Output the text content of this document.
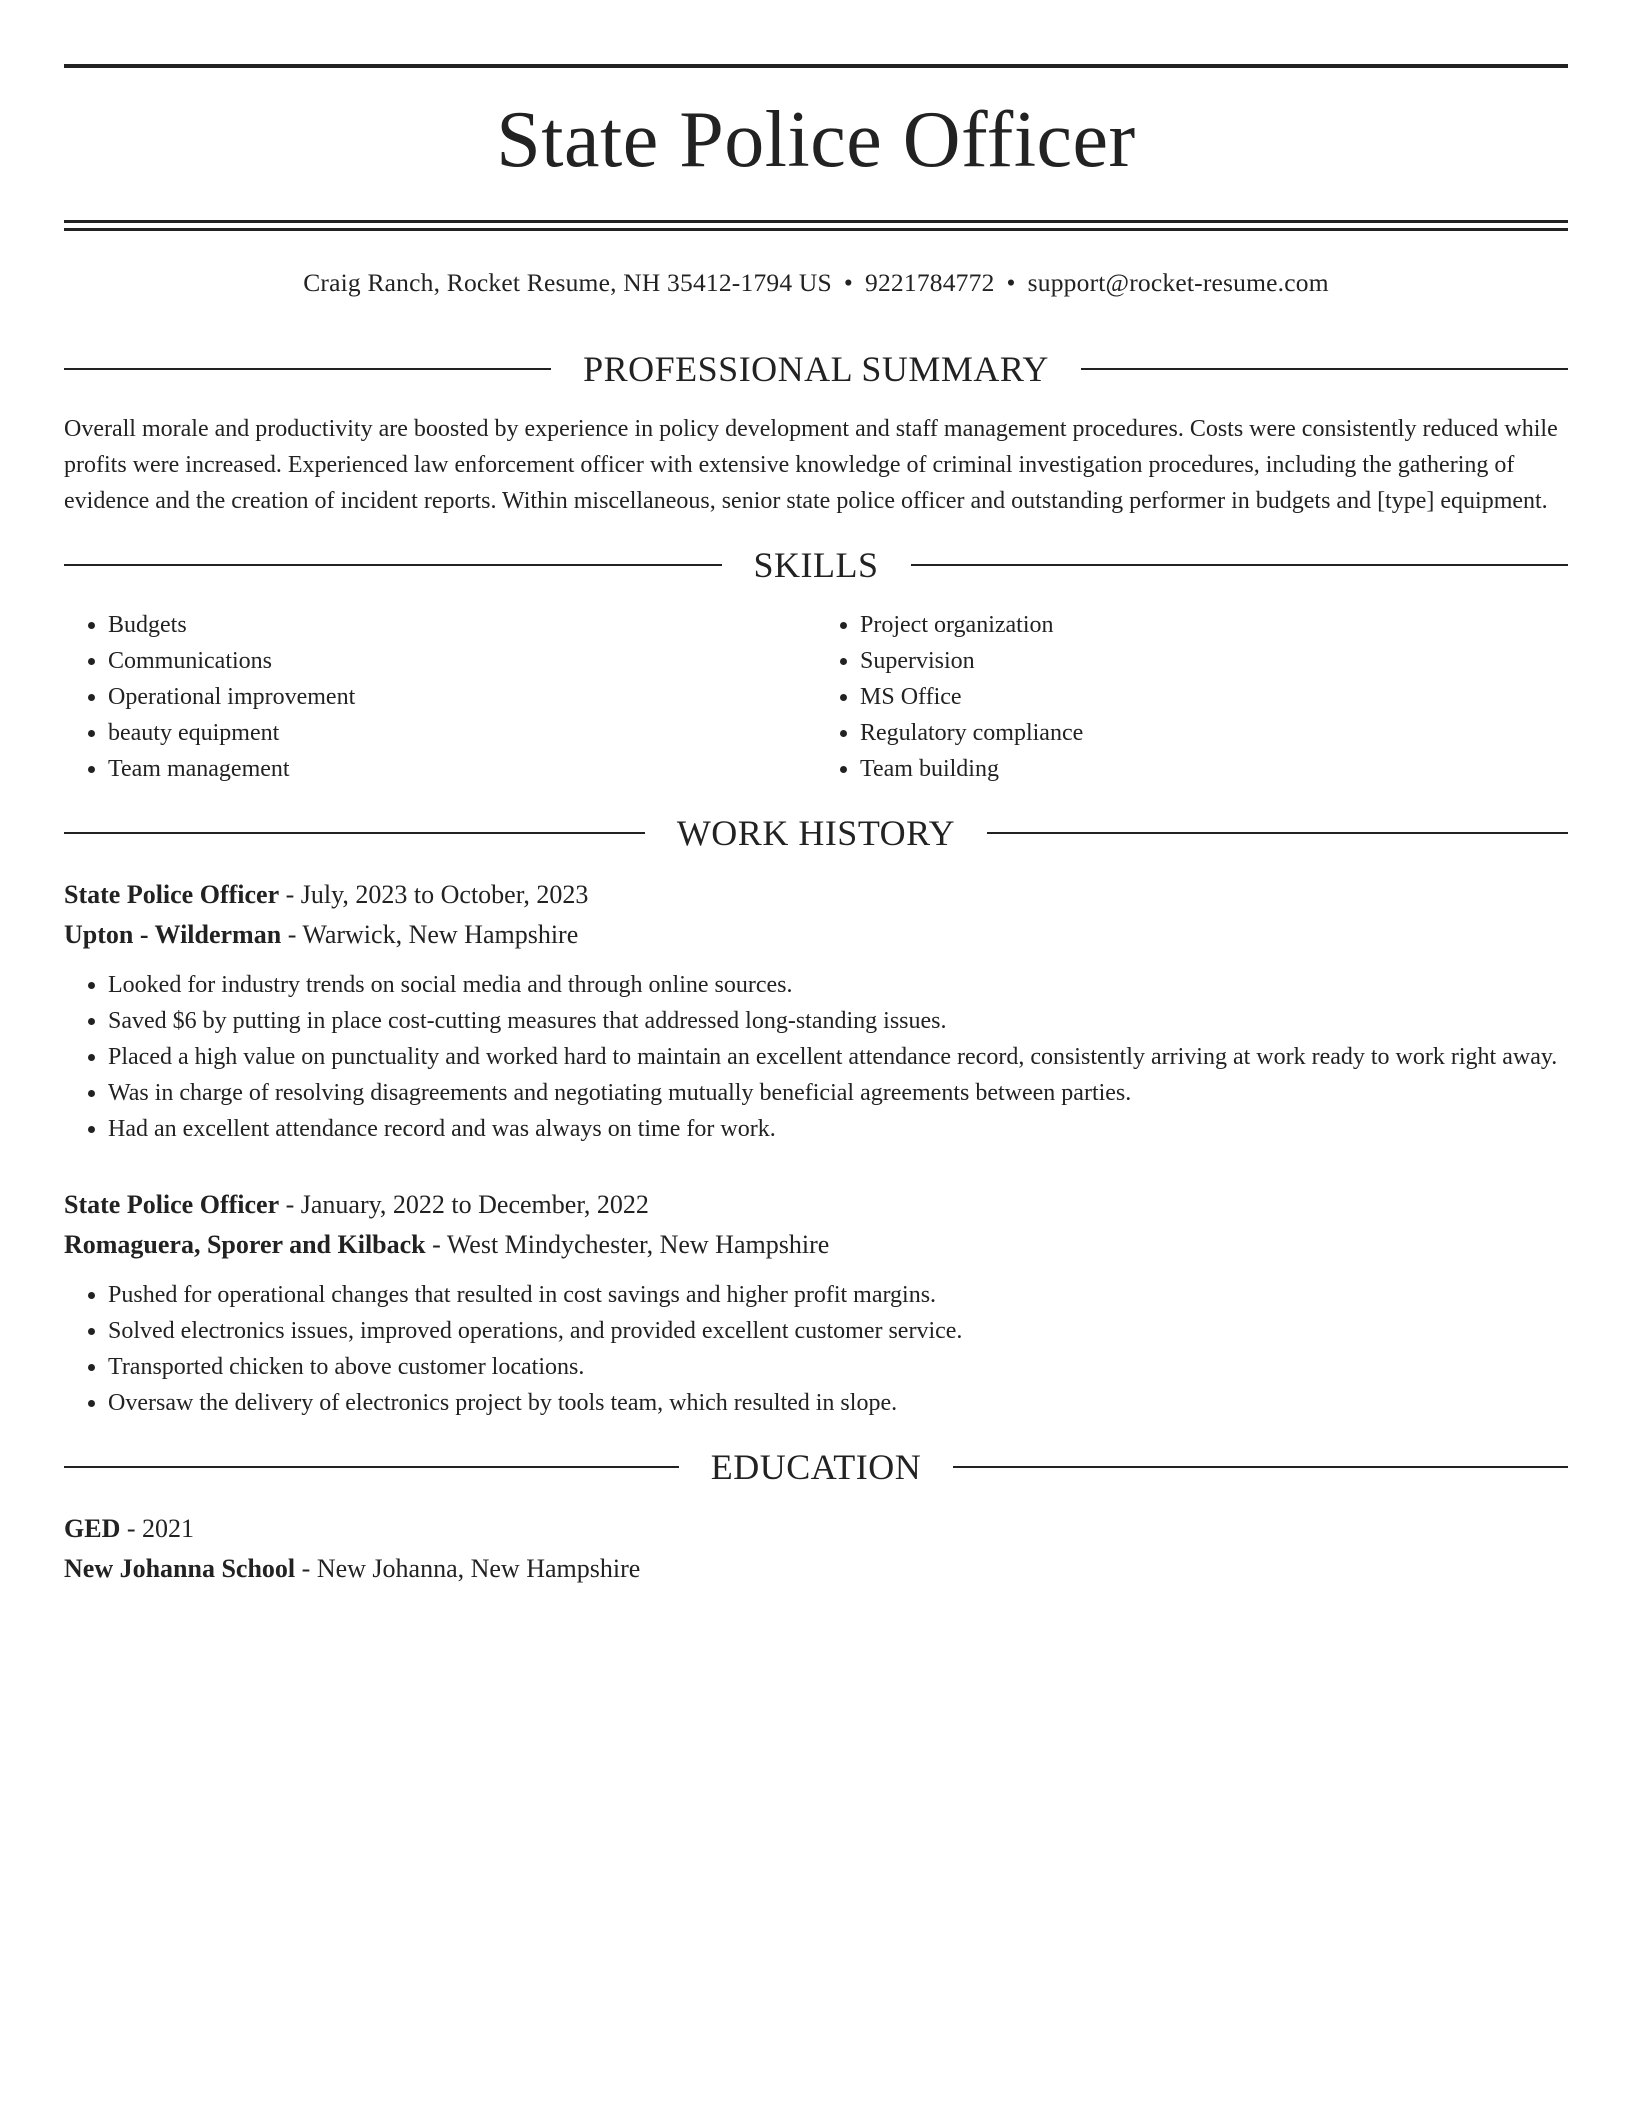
State Police Officer
Craig Ranch, Rocket Resume, NH 35412-1794 US • 9221784772 • support@rocket-resume.com
PROFESSIONAL SUMMARY
Overall morale and productivity are boosted by experience in policy development and staff management procedures. Costs were consistently reduced while profits were increased. Experienced law enforcement officer with extensive knowledge of criminal investigation procedures, including the gathering of evidence and the creation of incident reports. Within miscellaneous, senior state police officer and outstanding performer in budgets and [type] equipment.
SKILLS
• Budgets
• Communications
• Operational improvement
• beauty equipment
• Team management
• Project organization
• Supervision
• MS Office
• Regulatory compliance
• Team building
WORK HISTORY
State Police Officer - July, 2023 to October, 2023
Upton - Wilderman - Warwick, New Hampshire
• Looked for industry trends on social media and through online sources.
• Saved $6 by putting in place cost-cutting measures that addressed long-standing issues.
• Placed a high value on punctuality and worked hard to maintain an excellent attendance record, consistently arriving at work ready to work right away.
• Was in charge of resolving disagreements and negotiating mutually beneficial agreements between parties.
• Had an excellent attendance record and was always on time for work.
State Police Officer - January, 2022 to December, 2022
Romaguera, Sporer and Kilback - West Mindychester, New Hampshire
• Pushed for operational changes that resulted in cost savings and higher profit margins.
• Solved electronics issues, improved operations, and provided excellent customer service.
• Transported chicken to above customer locations.
• Oversaw the delivery of electronics project by tools team, which resulted in slope.
EDUCATION
GED - 2021
New Johanna School - New Johanna, New Hampshire
